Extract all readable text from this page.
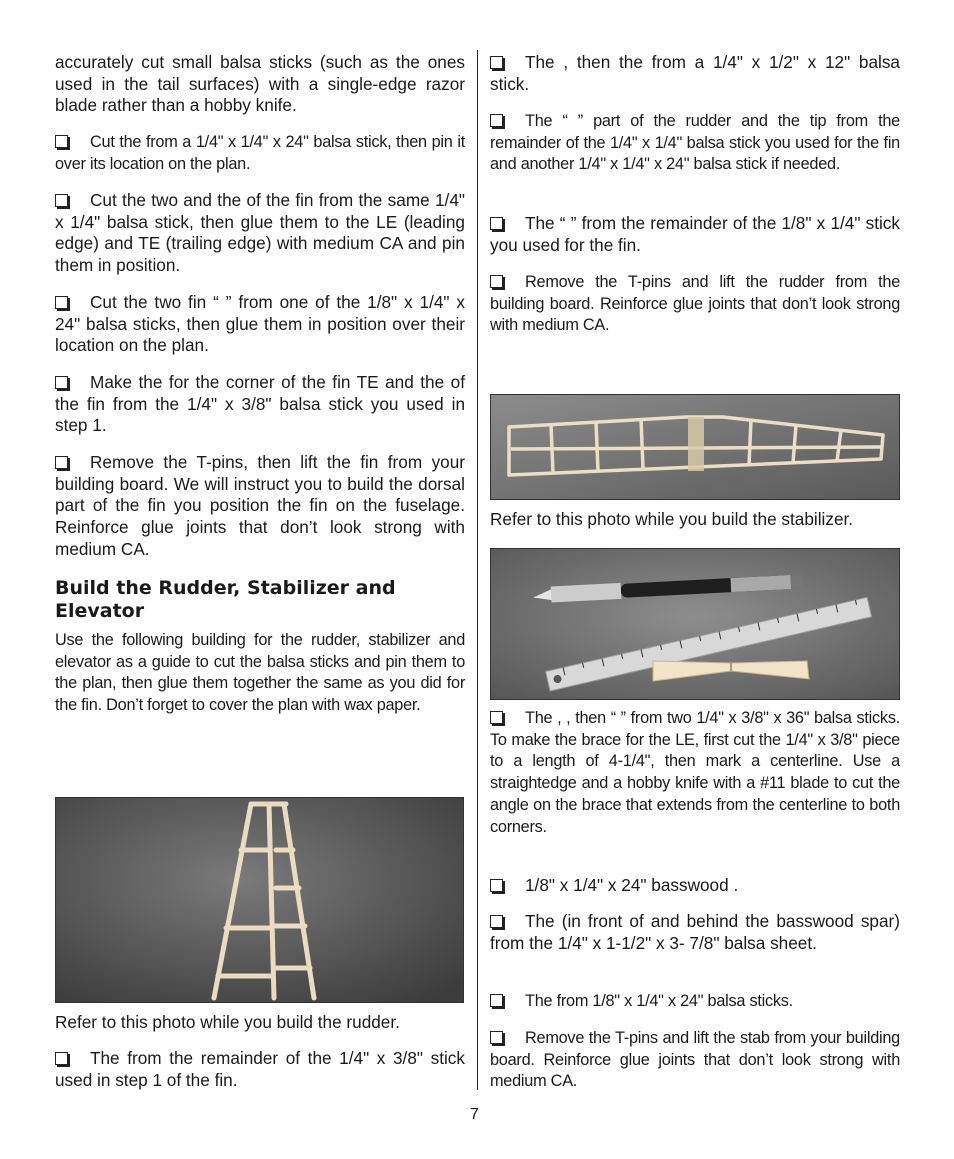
accurately cut small balsa sticks (such as the ones used in the tail surfaces) with a single-edge razor blade rather than a hobby knife.

Cut the from a 1/4" x 1/4" x 24" balsa stick, then pin it over its location on the plan.

Cut the two and the of the fin from the same 1/4" x 1/4" balsa stick, then glue them to the LE (leading edge) and TE (trailing edge) with medium CA and pin them in position.

Cut the two fin “ ” from one of the 1/8" x 1/4" x 24" balsa sticks, then glue them in position over their location on the plan.

Make the for the corner of the fin TE and the of the fin from the 1/4" x 3/8" balsa stick you used in step 1.

Remove the T-pins, then lift the fin from your building board. We will instruct you to build the dorsal part of the fin you position the fin on the fuselage. Reinforce glue joints that don’t look strong with medium CA.

Build the Rudder, Stabilizer and Elevator

Use the following building for the rudder, stabilizer and elevator as a guide to cut the balsa sticks and pin them to the plan, then glue them together the same as you did for the fin. Don’t forget to cover the plan with wax paper.

Refer to this photo while you build the rudder.

The from the remainder of the 1/4" x 3/8" stick used in step 1 of the fin.

The , then the from a 1/4" x 1/2" x 12" balsa stick.

The “ ” part of the rudder and the tip from the remainder of the 1/4" x 1/4" balsa stick you used for the fin and another 1/4" x 1/4" x 24" balsa stick if needed.

The “ ” from the remainder of the 1/8" x 1/4" stick you used for the fin.

Remove the T-pins and lift the rudder from the building board. Reinforce glue joints that don’t look strong with medium CA.

Refer to this photo while you build the stabilizer.

The , , then “ ” from two 1/4" x 3/8" x 36" balsa sticks. To make the brace for the LE, first cut the 1/4" x 3/8" piece to a length of 4-1/4", then mark a centerline. Use a straightedge and a hobby knife with a #11 blade to cut the angle on the brace that extends from the centerline to both corners.

1/8" x 1/4" x 24" basswood .

The (in front of and behind the basswood spar) from the 1/4" x 1-1/2" x 3- 7/8" balsa sheet.

The from 1/8" x 1/4" x 24" balsa sticks.

Remove the T-pins and lift the stab from your building board. Reinforce glue joints that don’t look strong with medium CA.

7
